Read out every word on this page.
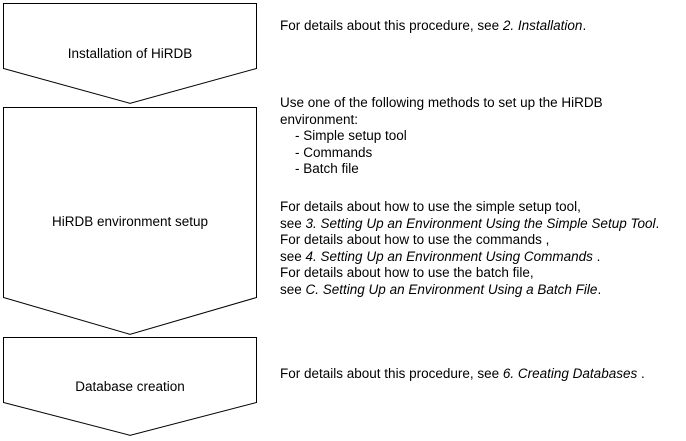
Installation of HiRDB
HiRDB environment setup
Database creation
For details about this procedure, see 2. Installation.
Use one of the following methods to set up the HiRDB
environment:
- Simple setup tool
- Commands
- Batch file
For details about how to use the simple setup tool,
see 3. Setting Up an Environment Using the Simple Setup Tool.
For details about how to use the commands ,
see 4. Setting Up an Environment Using Commands .
For details about how to use the batch file,
see C. Setting Up an Environment Using a Batch File.
For details about this procedure, see 6. Creating Databases .
